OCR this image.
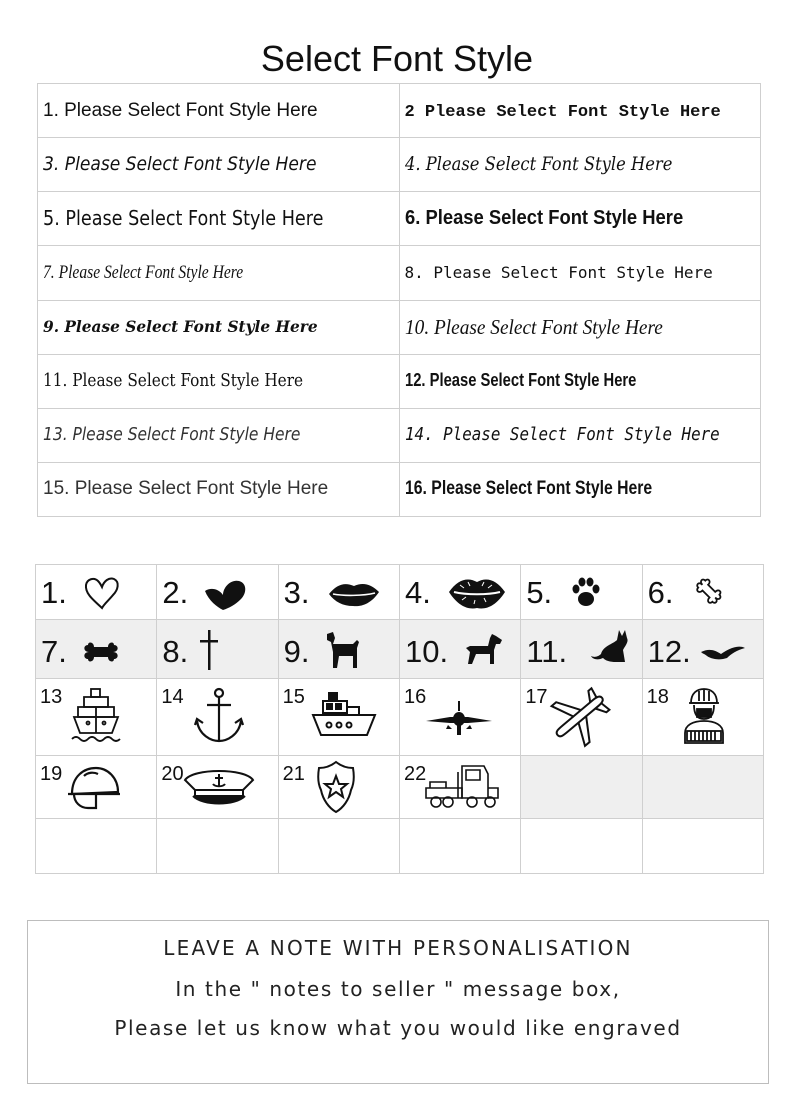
Select Font Style
1. Please Select Font Style Here	2 Please Select Font Style Here
3. Please Select Font Style Here	4. Please Select Font Style Here
5. Please Select Font Style Here	6. Please Select Font Style Here
7. Please Select Font Style Here	8. Please Select Font Style Here
9. Please Select Font Style Here	10. Please Select Font Style Here
11. Please Select Font Style Here	12. Please Select Font Style Here
13. Please Select Font Style Here	14. Please Select Font Style Here
15. Please Select Font Style Here	16. Please Select Font Style Here
1.	2.	3.	4.	5.	6.

7.	8.	9.	10.	11.	12.

13	14	15	16	17	18

19	20	21	22		

LEAVE A NOTE WITH PERSONALISATION
In the " notes to seller " message box,
Please let us know what you would like engraved
